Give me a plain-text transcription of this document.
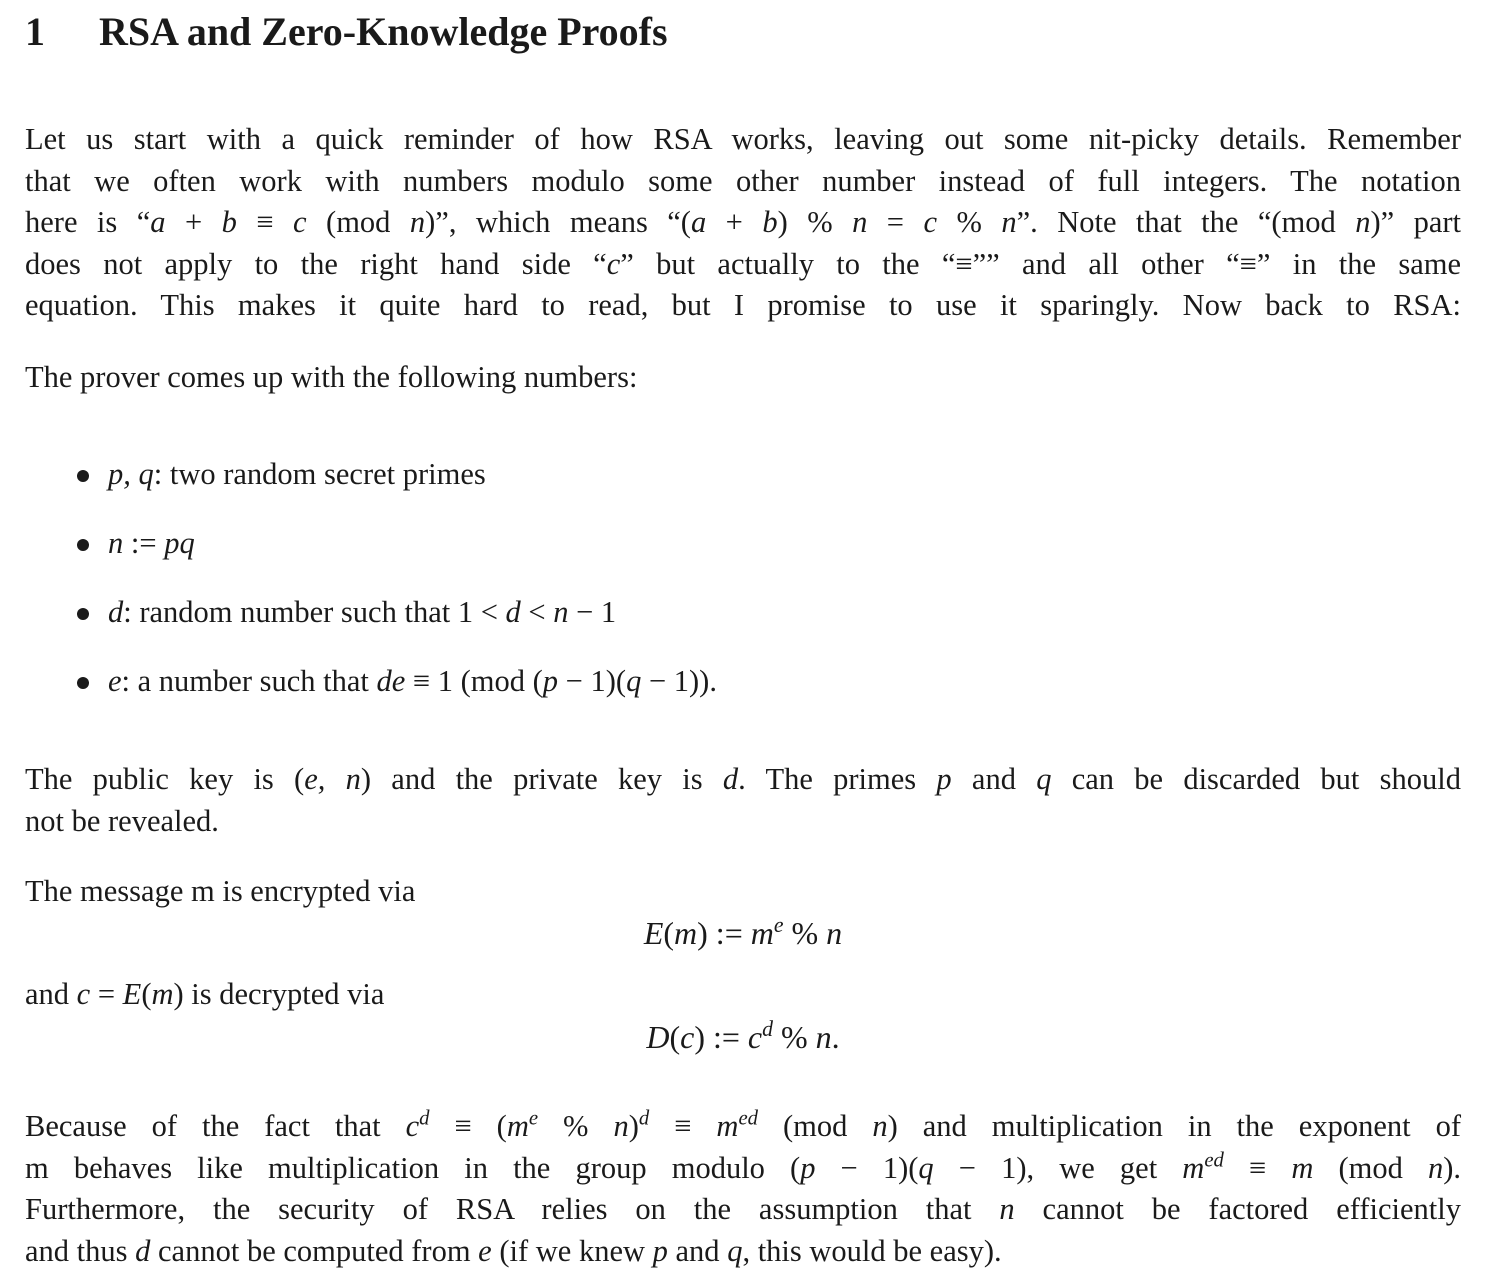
1 RSA and Zero-Knowledge Proofs
Let us start with a quick reminder of how RSA works, leaving out some nit-picky details. Remember
that we often work with numbers modulo some other number instead of full integers. The notation
here is “a + b ≡ c (mod n)”, which means “(a + b) % n = c % n”. Note that the “(mod n)” part
does not apply to the right hand side “c” but actually to the “≡”” and all other “≡” in the same
equation. This makes it quite hard to read, but I promise to use it sparingly. Now back to RSA:
The prover comes up with the following numbers:
p, q: two random secret primes
n := pq
d: random number such that 1 < d < n − 1
e: a number such that de ≡ 1 (mod (p − 1)(q − 1)).
The public key is (e, n) and the private key is d. The primes p and q can be discarded but should
not be revealed.
The message m is encrypted via
E(m) := $m^e$ % n
and c = E(m) is decrypted via
D(c) := $c^d$ % n.
Because of the fact that $c^d \equiv (m^e$ % $n)^d \equiv m^{ed}$ (mod n) and multiplication in the exponent of
m behaves like multiplication in the group modulo (p − 1)(q − 1), we get $m^{ed} \equiv m$ (mod n).
Furthermore, the security of RSA relies on the assumption that n cannot be factored efficiently
and thus d cannot be computed from e (if we knew p and q, this would be easy).
